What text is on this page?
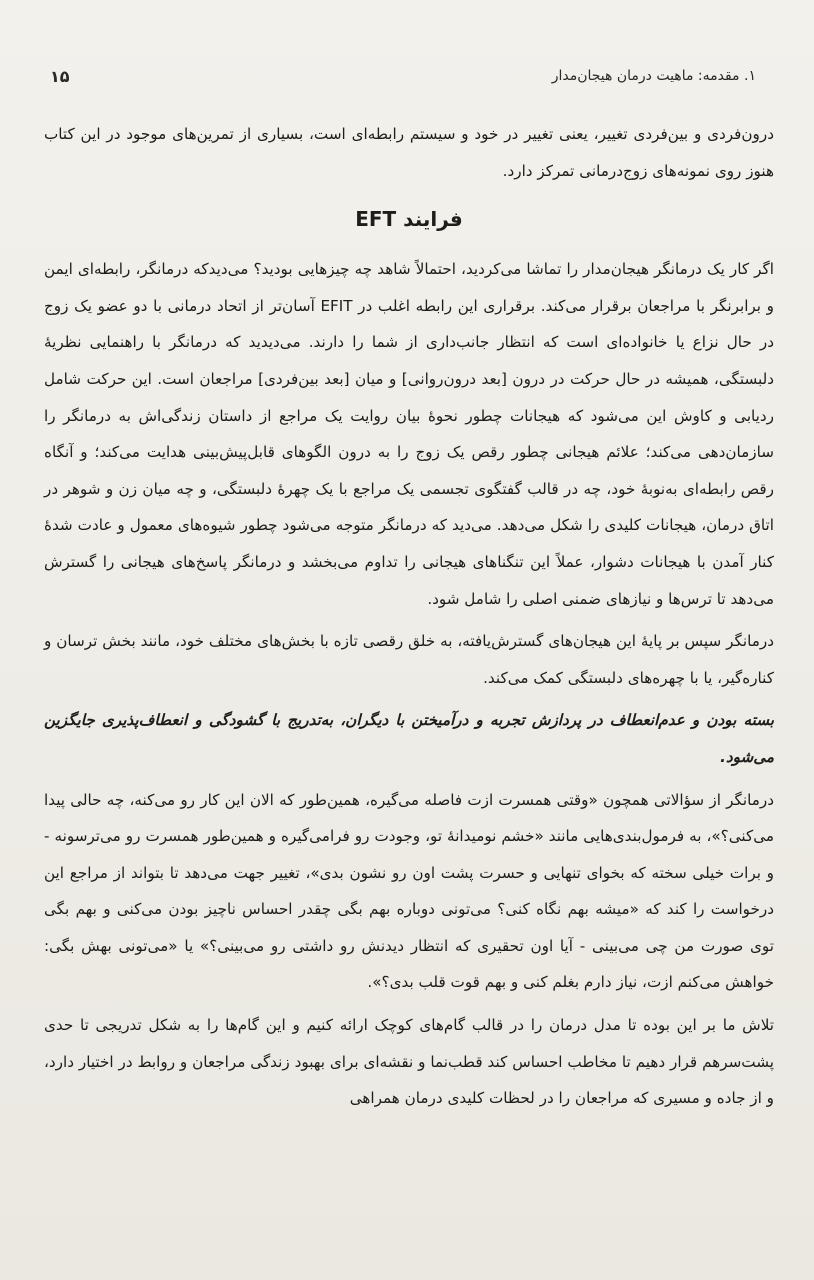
۱. مقدمه: ماهیت درمان هیجان‌مدار
۱۵

درون‌فردی و بین‌فردی تغییر، یعنی تغییر در خود و سیستم رابطه‌ای است، بسیاری از تمرین‌های موجود در این کتاب هنوز روی نمونه‌های زوج‌درمانی تمرکز دارد.

فرایند EFT

اگر کار یک درمانگر هیجان‌مدار را تماشا می‌کردید، احتمالاً شاهد چه چیزهایی بودید؟ می‌دیدکه درمانگر، رابطه‌ای ایمن و برابرنگر با مراجعان برقرار می‌کند. برقراری این رابطه اغلب در EFIT آسان‌تر از اتحاد درمانی با دو عضو یک زوج در حال نزاع یا خانواده‌ای است که انتظار جانب‌داری از شما را دارند. می‌دیدید که درمانگر با راهنمایی نظریهٔ دلبستگی، همیشه در حال حرکت در درون [بعد درون‌روانی] و میان [بعد بین‌فردی] مراجعان است. این حرکت شامل ردیابی و کاوش این می‌شود که هیجانات چطور نحوهٔ بیان روایت یک مراجع از داستان زندگی‌اش به درمانگر را سازمان‌دهی می‌کند؛ علائم هیجانی چطور رقص یک زوج را به درون الگوهای قابل‌پیش‌بینی هدایت می‌کند؛ و آنگاه رقص رابطه‌ای به‌نوبهٔ خود، چه در قالب گفتگوی تجسمی یک مراجع با یک چهرهٔ دلبستگی، و چه میان زن و شوهر در اتاق درمان، هیجانات کلیدی را شکل می‌دهد. می‌دید که درمانگر متوجه می‌شود چطور شیوه‌های معمول و عادت شدهٔ کنار آمدن با هیجانات دشوار، عملاً این تنگناهای هیجانی را تداوم می‌بخشد و درمانگر پاسخ‌های هیجانی را گسترش می‌دهد تا ترس‌ها و نیازهای ضمنی اصلی را شامل شود.

درمانگر سپس بر پایهٔ این هیجان‌های گسترش‌یافته، به خلق رقصی تازه با بخش‌های مختلف خود، مانند بخش ترسان و کناره‌گیر، یا با چهره‌های دلبستگی کمک می‌کند.

بسته بودن و عدم‌انعطاف در پردازش تجربه و درآمیختن با دیگران، به‌تدریج با گشودگی و انعطاف‌پذیری جایگزین می‌شود.

درمانگر از سؤالاتی همچون «وقتی همسرت ازت فاصله می‌گیره، همین‌طور که الان این کار رو می‌کنه، چه حالی پیدا می‌کنی؟»، به فرمول‌بندی‌هایی مانند «خشم نومیدانهٔ تو، وجودت رو فرامی‌گیره و همین‌طور همسرت رو می‌ترسونه - و برات خیلی سخته که بخوای تنهایی و حسرت پشت اون رو نشون بدی»، تغییر جهت می‌دهد تا بتواند از مراجع این درخواست را کند که «میشه بهم نگاه کنی؟ می‌تونی دوباره بهم بگی چقدر احساس ناچیز بودن می‌کنی و بهم بگی توی صورت من چی می‌بینی - آیا اون تحقیری که انتظار دیدنش رو داشتی رو می‌بینی؟» یا «می‌تونی بهش بگی: خواهش می‌کنم ازت، نیاز دارم بغلم کنی و بهم قوت قلب بدی؟».

تلاش ما بر این بوده تا مدل درمان را در قالب گام‌های کوچک ارائه کنیم و این گام‌ها را به شکل تدریجی تا حدی پشت‌سرهم قرار دهیم تا مخاطب احساس کند قطب‌نما و نقشه‌ای برای بهبود زندگی مراجعان و روابط در اختیار دارد، و از جاده و مسیری که مراجعان را در لحظات کلیدی درمان همراهی
